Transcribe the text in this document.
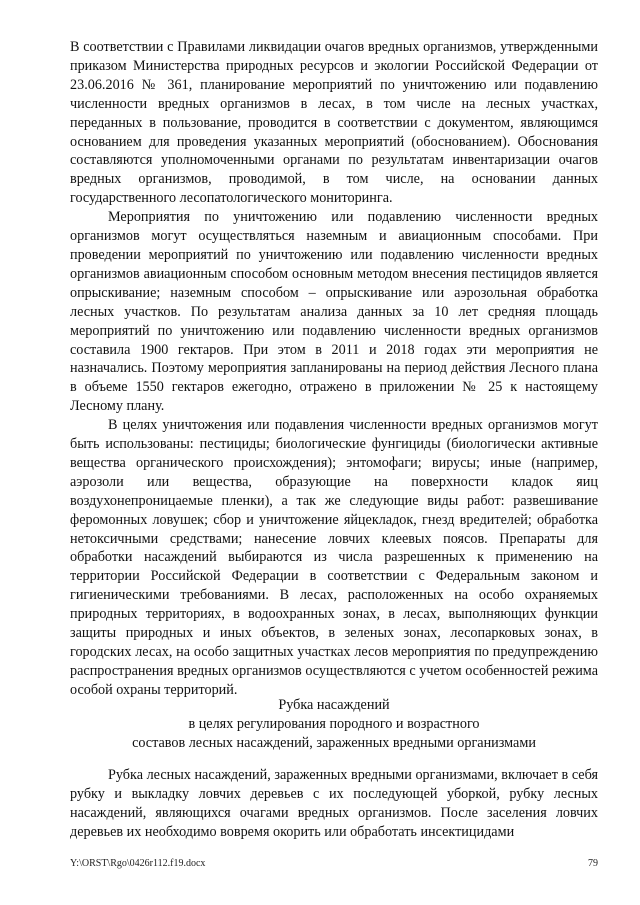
В соответствии с Правилами ликвидации очагов вредных организмов, утвержденными приказом Министерства природных ресурсов и экологии Российской Федерации от 23.06.2016 № 361, планирование мероприятий по уничтожению или подавлению численности вредных организмов в лесах, в том числе на лесных участках, переданных в пользование, проводится в соответствии с документом, являющимся основанием для проведения указанных мероприятий (обоснованием). Обоснования составляются уполномоченными органами по результатам инвентаризации очагов вредных организмов, проводимой, в том числе, на основании данных государственного лесопатологического мониторинга.

Мероприятия по уничтожению или подавлению численности вредных организмов могут осуществляться наземным и авиационным способами. При проведении мероприятий по уничтожению или подавлению численности вредных организмов авиационным способом основным методом внесения пестицидов является опрыскивание; наземным способом – опрыскивание или аэрозольная обработка лесных участков. По результатам анализа данных за 10 лет средняя площадь мероприятий по уничтожению или подавлению численности вредных организмов составила 1900 гектаров. При этом в 2011 и 2018 годах эти мероприятия не назначались. Поэтому мероприятия запланированы на период действия Лесного плана в объеме 1550 гектаров ежегодно, отражено в приложении № 25 к настоящему Лесному плану.

В целях уничтожения или подавления численности вредных организмов могут быть использованы: пестициды; биологические фунгициды (биологически активные вещества органического происхождения); энтомофаги; вирусы; иные (например, аэрозоли или вещества, образующие на поверхности кладок яиц воздухонепроницаемые пленки), а так же следующие виды работ: развешивание феромонных ловушек; сбор и уничтожение яйцекладок, гнезд вредителей; обработка нетоксичными средствами; нанесение ловчих клеевых поясов. Препараты для обработки насаждений выбираются из числа разрешенных к применению на территории Российской Федерации в соответствии с Федеральным законом и гигиеническими требованиями. В лесах, расположенных на особо охраняемых природных территориях, в водоохранных зонах, в лесах, выполняющих функции защиты природных и иных объектов, в зеленых зонах, лесопарковых зонах, в городских лесах, на особо защитных участках лесов мероприятия по предупреждению распространения вредных организмов осуществляются с учетом особенностей режима особой охраны территорий.

Рубка насаждений
в целях регулирования породного и возрастного
составов лесных насаждений, зараженных вредными организмами

Рубка лесных насаждений, зараженных вредными организмами, включает в себя рубку и выкладку ловчих деревьев с их последующей уборкой, рубку лесных насаждений, являющихся очагами вредных организмов. После заселения ловчих деревьев их необходимо вовремя окорить или обработать инсектицидами

Y:\ORST\Rgo\0426r112.f19.docx	79
